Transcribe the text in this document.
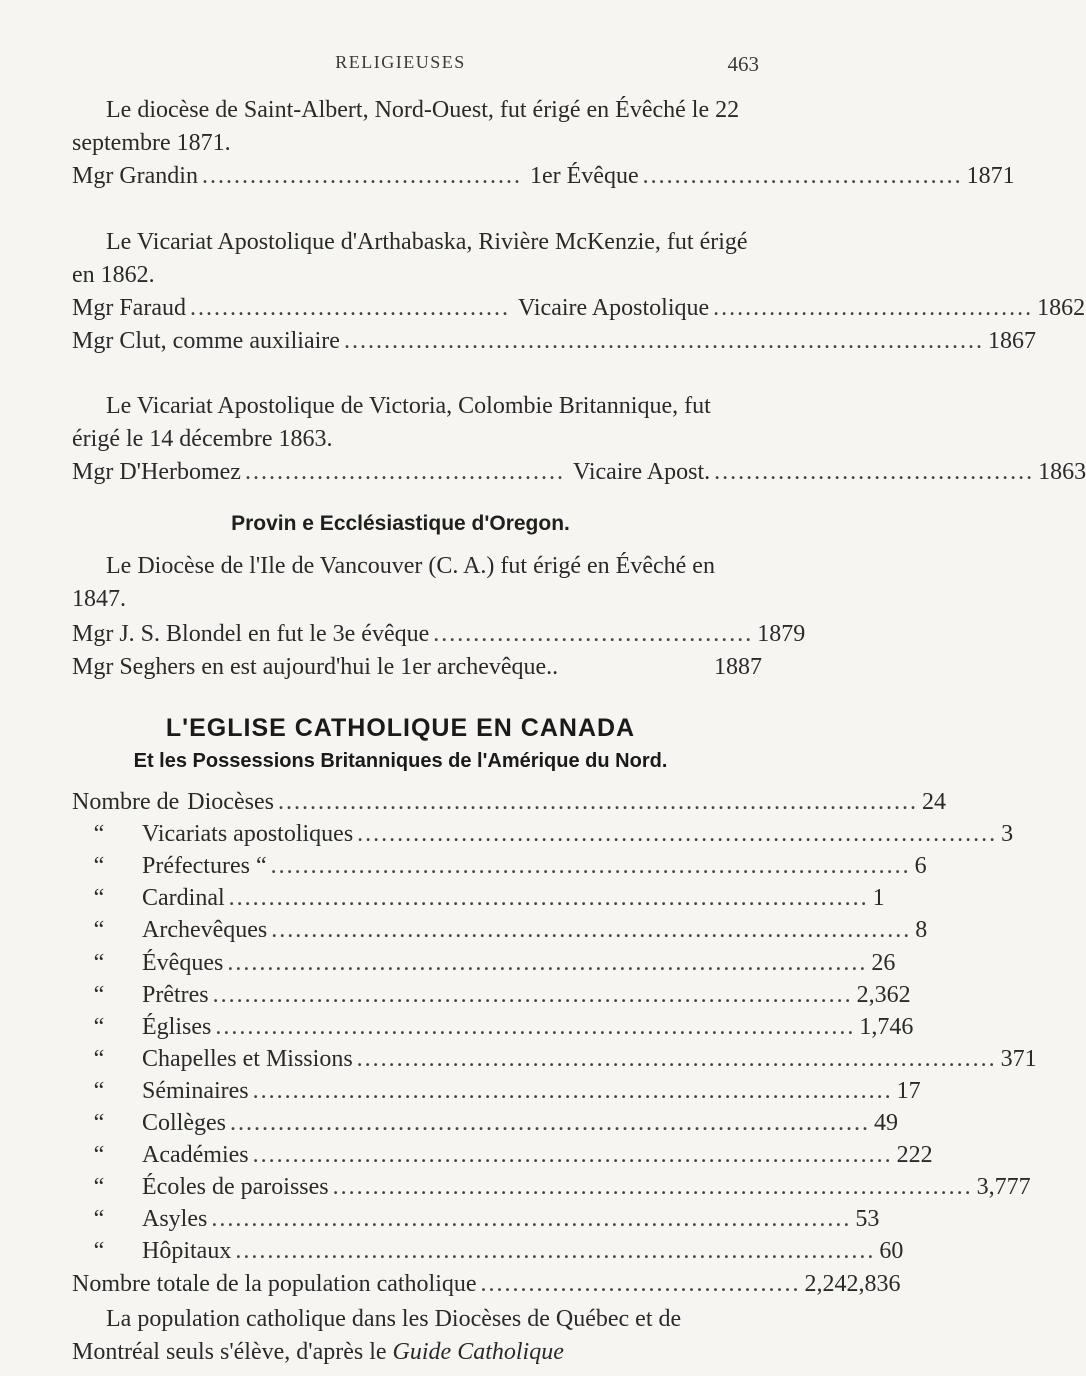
RELIGIEUSES	463

Le diocèse de Saint-Albert, Nord-Ouest, fut érigé en Évêché le 22 septembre 1871.

Mgr Grandin ........................................ 1er Évêque ........................................ 1871

Le Vicariat Apostolique d'Arthabaska, Rivière McKenzie, fut érigé en 1862.

Mgr Faraud ........................................ Vicaire Apostolique ........................................ 1862
Mgr Clut, comme auxiliaire ................................................................................ 1867

Le Vicariat Apostolique de Victoria, Colombie Britannique, fut érigé le 14 décembre 1863.

Mgr D'Herbomez ........................................ Vicaire Apost. ........................................ 1863
Provin e Ecclésiastique d'Oregon.

Le Diocèse de l'Ile de Vancouver (C. A.) fut érigé en Évêché en 1847.

Mgr J. S. Blondel en fut le 3e évêque ........................................ 1879
Mgr Seghers en est aujourd'hui le 1er archevêque..	1887
L'EGLISE CATHOLIQUE EN CANADA
Et les Possessions Britanniques de l'Amérique du Nord.
Nombre de Diocèses ................................................................................ 24
“	Vicariats apostoliques ................................................................................ 3
“	Préfectures “ ................................................................................ 6
“	Cardinal ................................................................................ 1
“	Archevêques ................................................................................ 8
“	Évêques ................................................................................ 26
“	Prêtres ................................................................................ 2,362
“	Églises ................................................................................ 1,746
“	Chapelles et Missions ................................................................................ 371
“	Séminaires ................................................................................ 17
“	Collèges ................................................................................ 49
“	Académies ................................................................................ 222
“	Écoles de paroisses ................................................................................ 3,777
“	Asyles ................................................................................ 53
“	Hôpitaux ................................................................................ 60
Nombre totale de la population catholique ........................................ 2,242,836
La population catholique dans les Diocèses de Québec et de Montréal seuls s'élève, d'après le Guide Catholique
